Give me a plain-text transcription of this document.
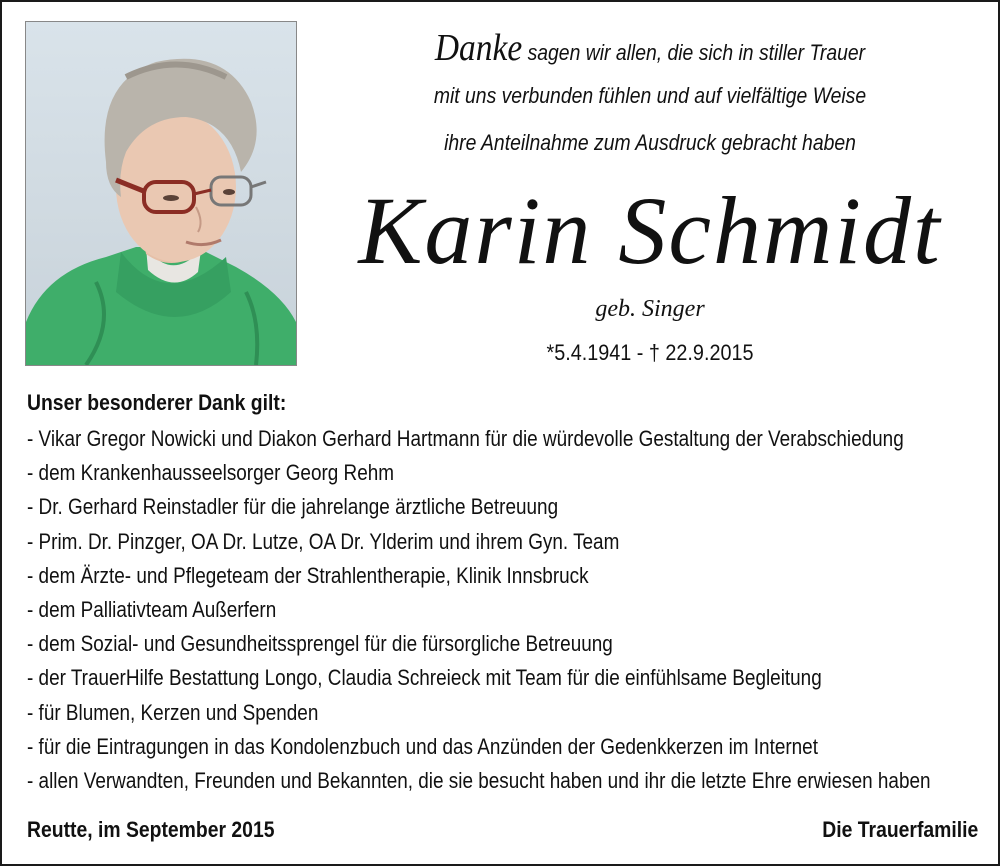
Danke sagen wir allen, die sich in stiller Trauer
mit uns verbunden fühlen und auf vielfältige Weise
ihre Anteilnahme zum Ausdruck gebracht haben
Karin Schmidt
geb. Singer
*5.4.1941 - † 22.9.2015
Unser besonderer Dank gilt:
- Vikar Gregor Nowicki und Diakon Gerhard Hartmann für die würdevolle Gestaltung der Verabschiedung
- dem Krankenhausseelsorger Georg Rehm
- Dr. Gerhard Reinstadler für die jahrelange ärztliche Betreuung
- Prim. Dr. Pinzger, OA Dr. Lutze, OA Dr. Ylderim und ihrem Gyn. Team
- dem Ärzte- und Pflegeteam der Strahlentherapie, Klinik Innsbruck
- dem Palliativteam Außerfern
- dem Sozial- und Gesundheitssprengel für die fürsorgliche Betreuung
- der TrauerHilfe Bestattung Longo, Claudia Schreieck mit Team für die einfühlsame Begleitung
- für Blumen, Kerzen und Spenden
- für die Eintragungen in das Kondolenzbuch und das Anzünden der Gedenkkerzen im Internet
- allen Verwandten, Freunden und Bekannten, die sie besucht haben und ihr die letzte Ehre erwiesen haben
Reutte, im September 2015	Die Trauerfamilie
